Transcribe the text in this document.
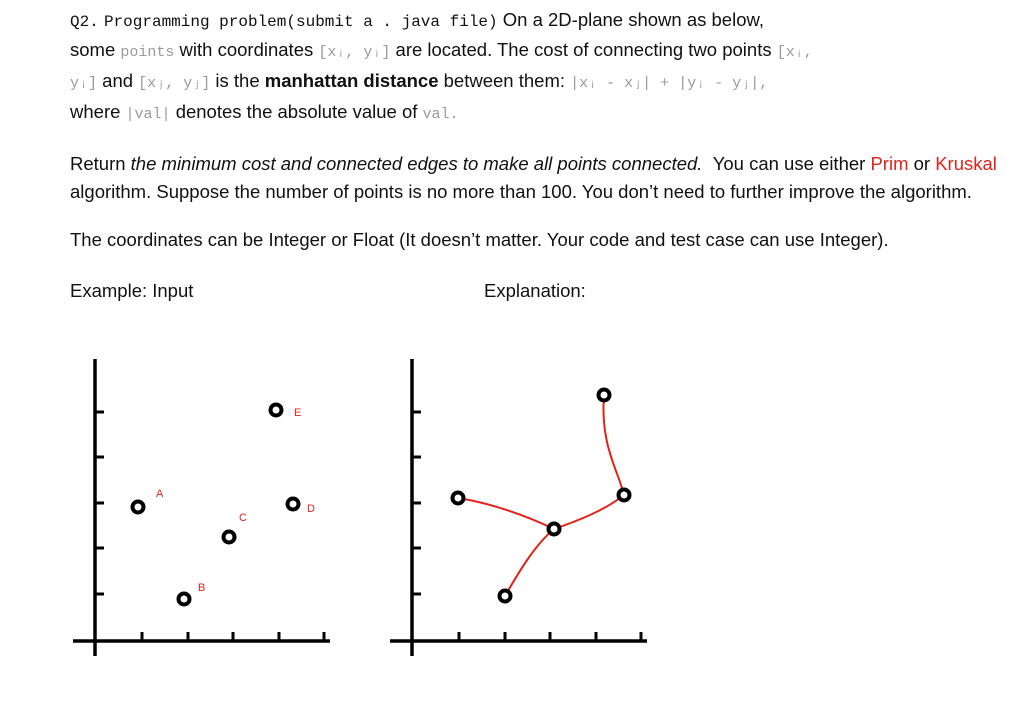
Q2. Programming problem(submit a . java file) On a 2D-plane shown as below,

some points with coordinates [xᵢ, yᵢ] are located. The cost of connecting two points [xᵢ,

yᵢ] and [xⱼ, yⱼ] is the manhattan distance between them: |xᵢ - xⱼ| + |yᵢ - yⱼ|,

where |val| denotes the absolute value of val.

Return the minimum cost and connected edges to make all points connected. You can use either Prim or Kruskal algorithm. Suppose the number of points is no more than 100. You don’t need to further improve the algorithm.

The coordinates can be Integer or Float (It doesn’t matter. Your code and test case can use Integer).

Example: Input	Explanation:
A
B
C
D
E
